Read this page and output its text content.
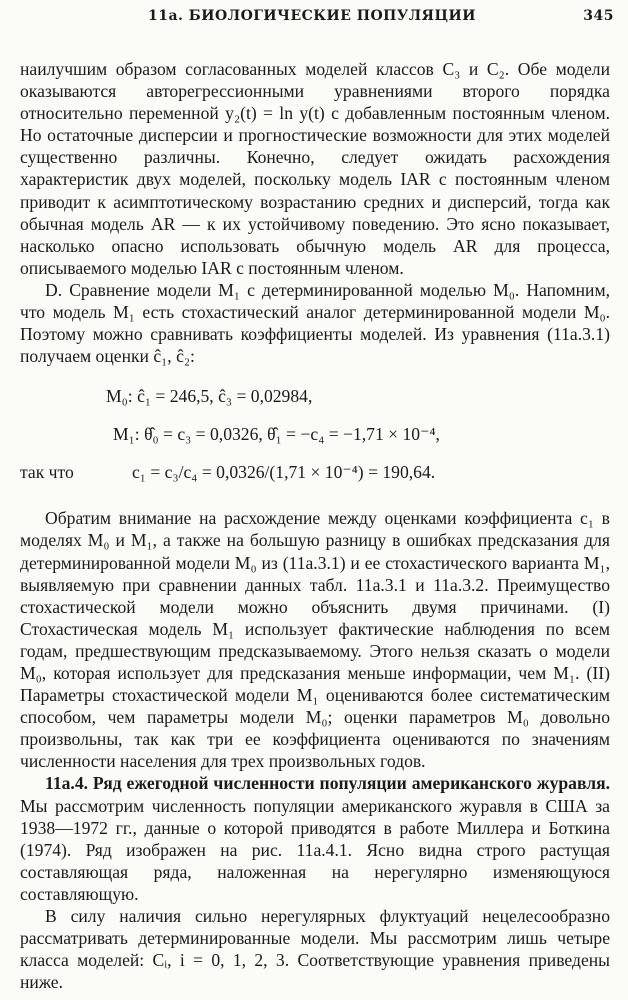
11a. БИОЛОГИЧЕСКИЕ ПОПУЛЯЦИИ	345

наилучшим образом согласованных моделей классов C₃ и C₂. Обе модели оказываются авторегрессионными уравнениями второго порядка относительно переменной y₂(t) = ln y(t) с добавленным постоянным членом. Но остаточные дисперсии и прогностические возможности для этих моделей существенно различны. Конечно, следует ожидать расхождения характеристик двух моделей, поскольку модель IAR с постоянным членом приводит к асимптотическому возрастанию средних и дисперсий, тогда как обычная модель AR — к их устойчивому поведению. Это ясно показывает, насколько опасно использовать обычную модель AR для процесса, описываемого моделью IAR с постоянным членом.

D. Сравнение модели M₁ с детерминированной моделью M₀. Напомним, что модель M₁ есть стохастический аналог детерминированной модели M₀. Поэтому можно сравнивать коэффициенты моделей. Из уравнения (11a.3.1) получаем оценки ĉ₁, ĉ₂:

M₀: ĉ₁ = 246,5, ĉ₃ = 0,02984,
M₁: θ̂₀ = c₃ = 0,0326, θ̂₁ = −c₄ = −1,71 × 10⁻⁴,
так что	c₁ = c₃/c₄ = 0,0326/(1,71 × 10⁻⁴) = 190,64.

Обратим внимание на расхождение между оценками коэффициента c₁ в моделях M₀ и M₁, а также на большую разницу в ошибках предсказания для детерминированной модели M₀ из (11a.3.1) и ее стохастического варианта M₁, выявляемую при сравнении данных табл. 11a.3.1 и 11a.3.2. Преимущество стохастической модели можно объяснить двумя причинами. (I) Стохастическая модель M₁ использует фактические наблюдения по всем годам, предшествующим предсказываемому. Этого нельзя сказать о модели M₀, которая использует для предсказания меньше информации, чем M₁. (II) Параметры стохастической модели M₁ оцениваются более систематическим способом, чем параметры модели M₀; оценки параметров M₀ довольно произвольны, так как три ее коэффициента оцениваются по значениям численности населения для трех произвольных годов.

11a.4. Ряд ежегодной численности популяции американского журавля. Мы рассмотрим численность популяции американского журавля в США за 1938—1972 гг., данные о которой приводятся в работе Миллера и Боткина (1974). Ряд изображен на рис. 11a.4.1. Ясно видна строго растущая составляющая ряда, наложенная на нерегулярно изменяющуюся составляющую.

В силу наличия сильно нерегулярных флуктуаций нецелесообразно рассматривать детерминированные модели. Мы рассмотрим лишь четыре класса моделей: Cᵢ, i = 0, 1, 2, 3. Соответствующие уравнения приведены ниже.
